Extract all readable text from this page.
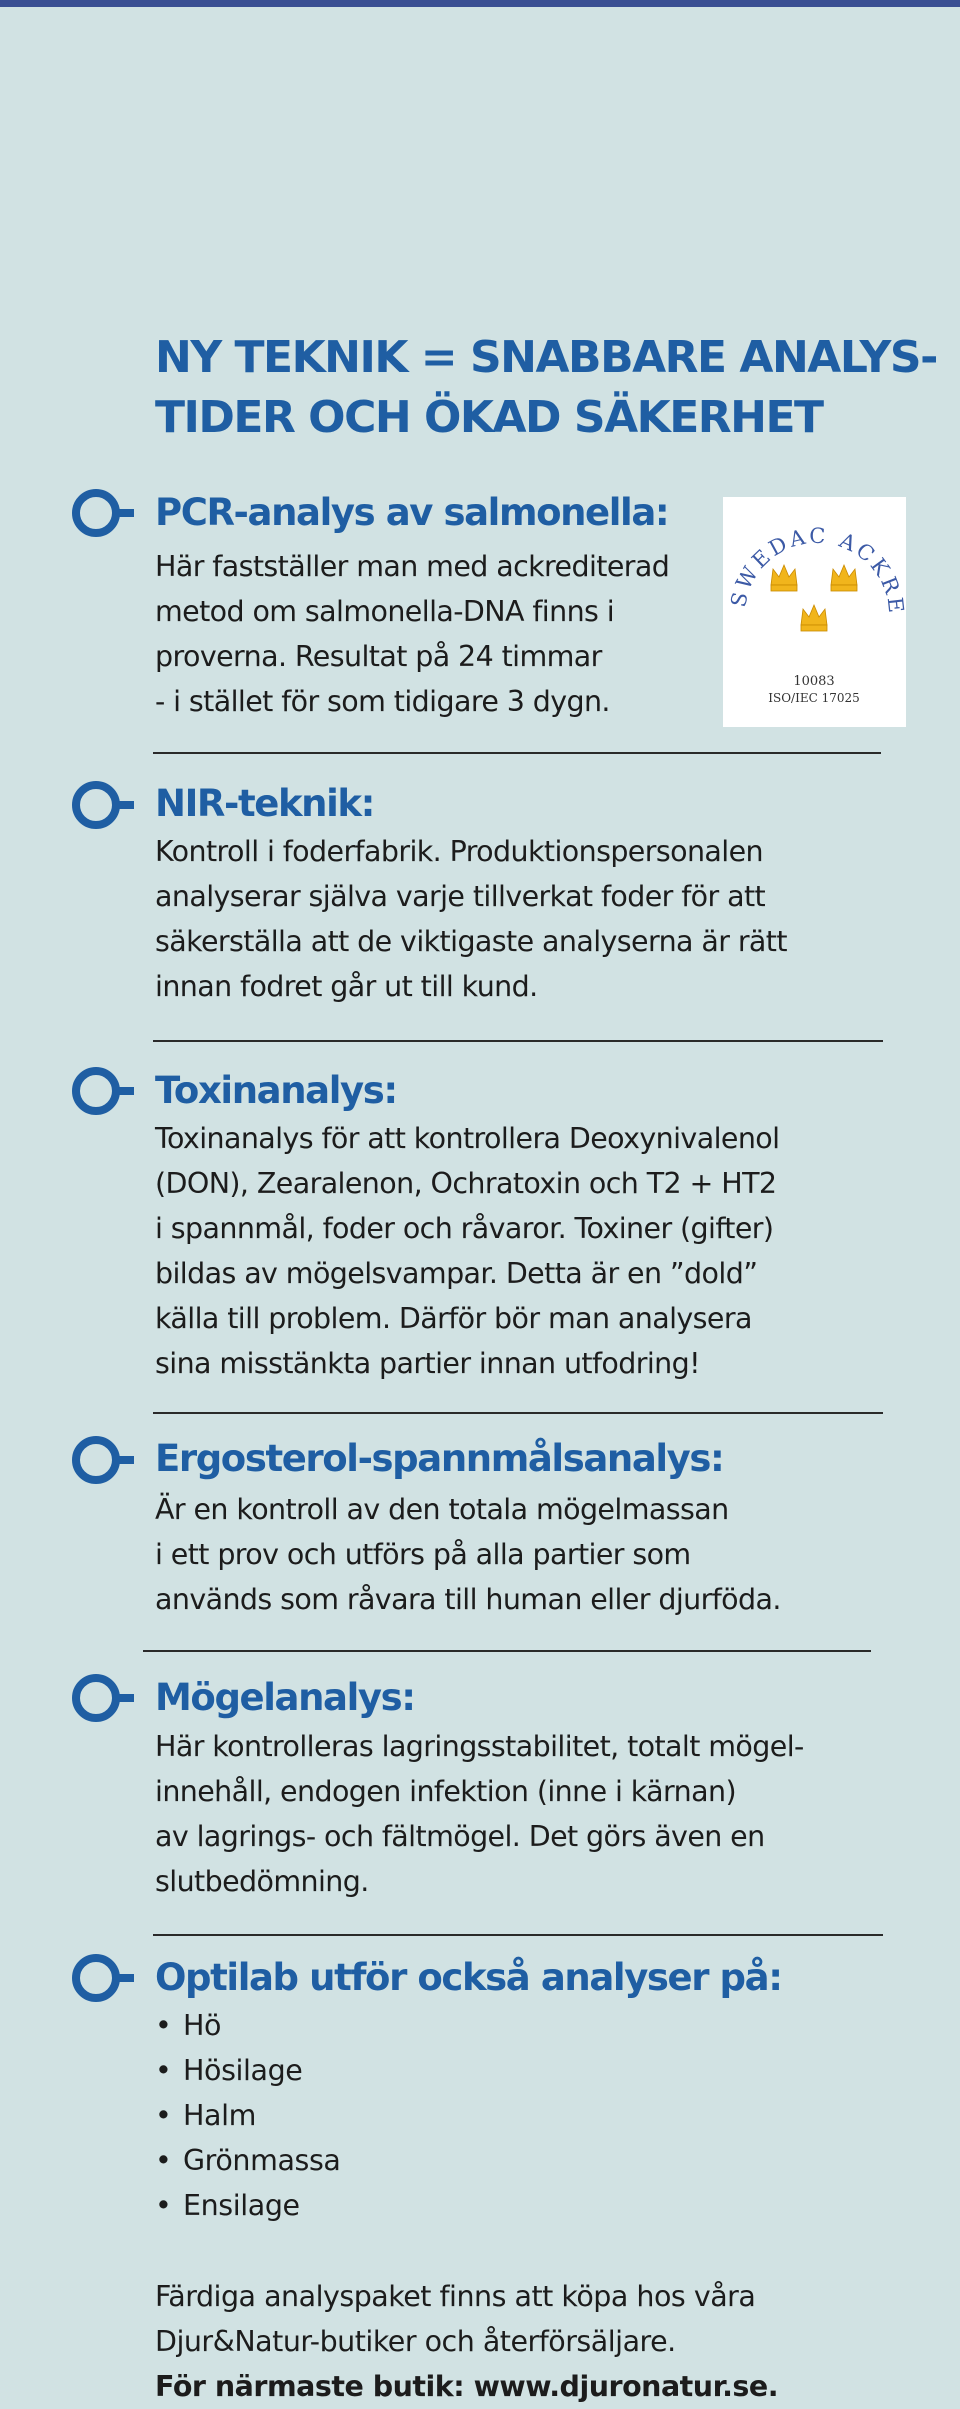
NY TEKNIK = SNABBARE ANALYS-
TIDER OCH ÖKAD SÄKERHET
SWEDAC ACKRE
10083
ISO/IEC 17025
PCR-analys av salmonella:

Här fastställer man med ackrediterad
metod om salmonella-DNA finns i
proverna. Resultat på 24 timmar
- i stället för som tidigare 3 dygn.

NIR-teknik:

Kontroll i foderfabrik. Produktionspersonalen
analyserar själva varje tillverkat foder för att
säkerställa att de viktigaste analyserna är rätt
innan fodret går ut till kund.

Toxinanalys:

Toxinanalys för att kontrollera Deoxynivalenol
(DON), Zearalenon, Ochratoxin och T2 + HT2
i spannmål, foder och råvaror. Toxiner (gifter)
bildas av mögelsvampar. Detta är en ”dold”
källa till problem. Därför bör man analysera
sina misstänkta partier innan utfodring!

Ergosterol-spannmålsanalys:

Är en kontroll av den totala mögelmassan
i ett prov och utförs på alla partier som
används som råvara till human eller djurföda.

Mögelanalys:

Här kontrolleras lagringsstabilitet, totalt mögel-
innehåll, endogen infektion (inne i kärnan)
av lagrings- och fältmögel. Det görs även en
slutbedömning.

Optilab utför också analyser på:
• Hö
• Hösilage
• Halm
• Grönmassa
• Ensilage

Färdiga analyspaket finns att köpa hos våra
Djur&Natur-butiker och återförsäljare.
För närmaste butik: www.djuronatur.se.
